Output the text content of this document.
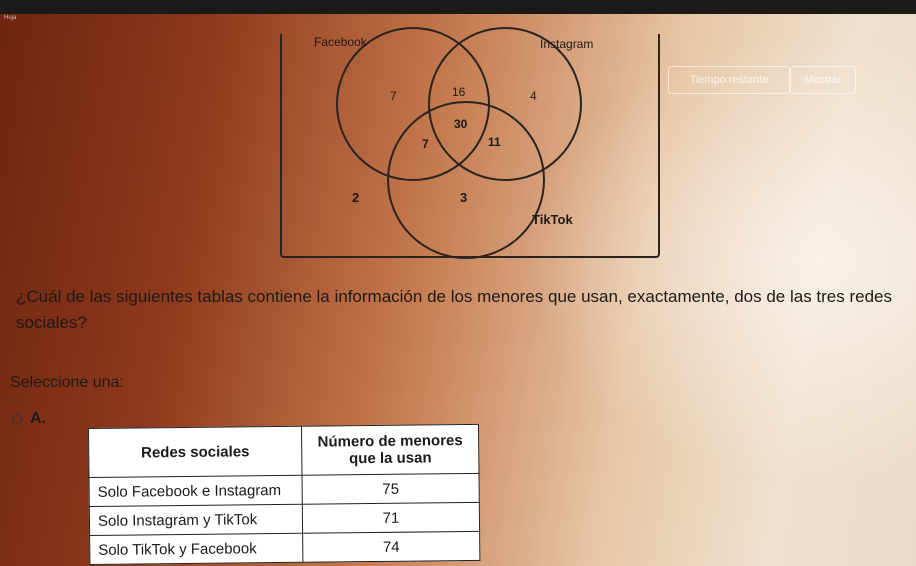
Hoja
Facebook	Instagram
TikTok
7	16	4
30
7	11
3
2
Tiempo restante	Mostrar
¿Cuál de las siguientes tablas contiene la información de los menores que usan, exactamente, dos de las tres redes sociales?
Seleccione una:
A.
Redes sociales	Número de menores que la usan
Solo Facebook e Instagram	75
Solo Instagram y TikTok	71
Solo TikTok y Facebook	74
